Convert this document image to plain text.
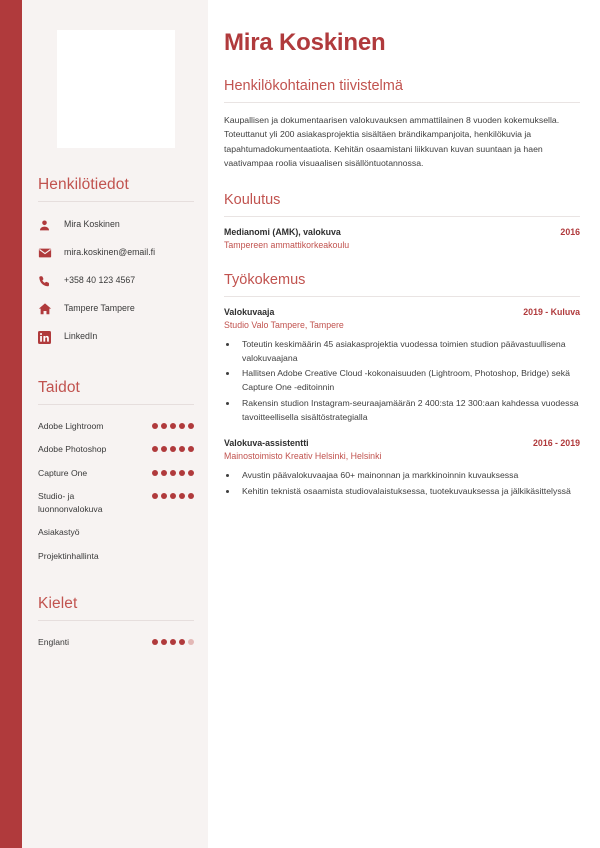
Henkilötiedot
Mira Koskinen
mira.koskinen@email.fi
+358 40 123 4567
Tampere Tampere
LinkedIn
Taidot
Adobe Lightroom
Adobe Photoshop
Capture One
Studio- ja luonnonvalokuva
Asiakastyö
Projektinhallinta
Kielet
Englanti
Mira Koskinen
Henkilökohtainen tiivistelmä

Kaupallisen ja dokumentaarisen valokuvauksen ammattilainen 8 vuoden kokemuksella. Toteuttanut yli 200 asiakasprojektia sisältäen brändikampanjoita, henkilökuvia ja tapahtumadokumentaatiota. Kehitän osaamistani liikkuvan kuvan suuntaan ja haen vaativampaa roolia visuaalisen sisällöntuotannossa.

Koulutus
Medianomi (AMK), valokuva	2016
Tampereen ammattikorkeakoulu
Työkokemus
Valokuvaaja	2019 - Kuluva
Studio Valo Tampere, Tampere
• Toteutin keskimäärin 45 asiakasprojektia vuodessa toimien studion päävastuullisena valokuvaajana
• Hallitsen Adobe Creative Cloud -kokonaisuuden (Lightroom, Photoshop, Bridge) sekä Capture One -editoinnin
• Rakensin studion Instagram-seuraajamäärän 2 400:sta 12 300:aan kahdessa vuodessa tavoitteellisella sisältöstrategialla
Valokuva-assistentti	2016 - 2019
Mainostoimisto Kreativ Helsinki, Helsinki
• Avustin päävalokuvaajaa 60+ mainonnan ja markkinoinnin kuvauksessa
• Kehitin teknistä osaamista studiovalaistuksessa, tuotekuvauksessa ja jälkikäsittelyssä
